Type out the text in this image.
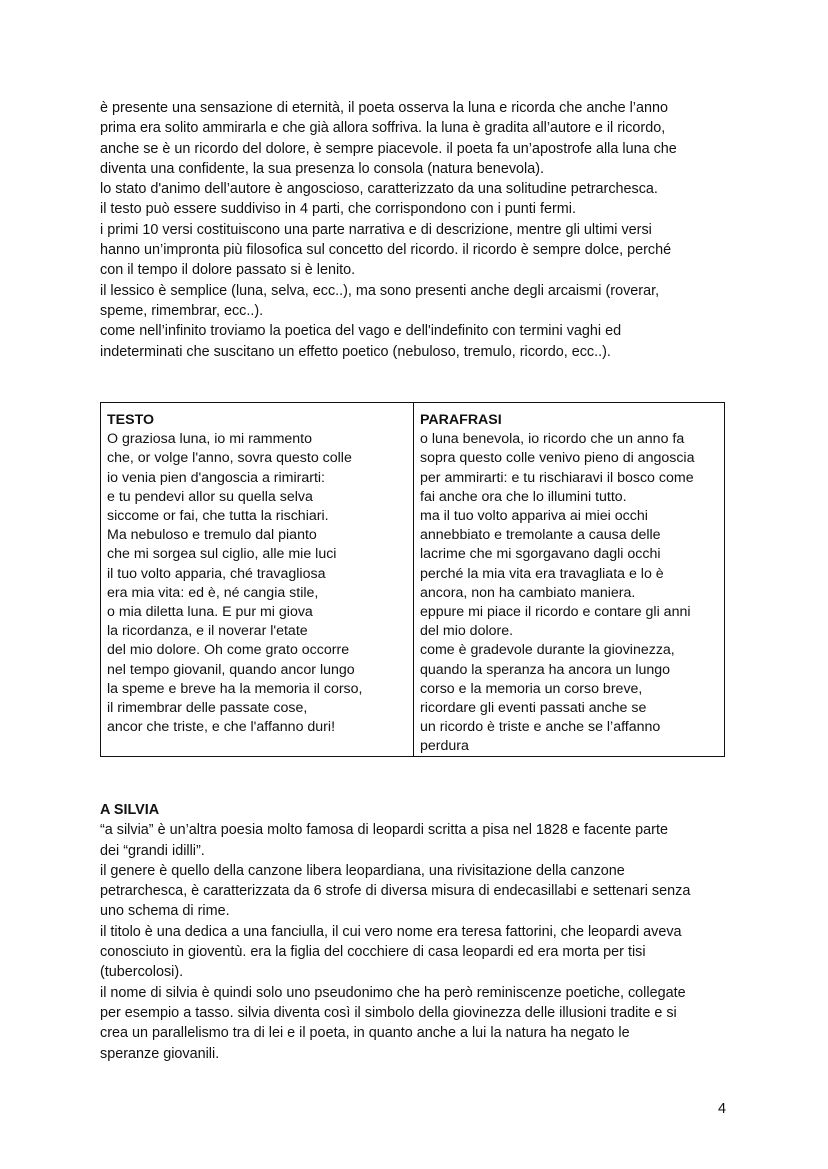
è presente una sensazione di eternità, il poeta osserva la luna e ricorda che anche l’anno

prima era solito ammirarla e che già allora soffriva. la luna è gradita all’autore e il ricordo,

anche se è un ricordo del dolore, è sempre piacevole. il poeta fa un’apostrofe alla luna che

diventa una confidente, la sua presenza lo consola (natura benevola).

lo stato d'animo dell’autore è angoscioso, caratterizzato da una solitudine petrarchesca.

il testo può essere suddiviso in 4 parti, che corrispondono con i punti fermi.

i primi 10 versi costituiscono una parte narrativa e di descrizione, mentre gli ultimi versi

hanno un’impronta più filosofica sul concetto del ricordo. il ricordo è sempre dolce, perché

con il tempo il dolore passato si è lenito.

il lessico è semplice (luna, selva, ecc..), ma sono presenti anche degli arcaismi (roverar,

speme, rimembrar, ecc..).

come nell’infinito troviamo la poetica del vago e dell'indefinito con termini vaghi ed

indeterminati che suscitano un effetto poetico (nebuloso, tremulo, ricordo, ecc..).

TESTO
O graziosa luna, io mi rammento
che, or volge l'anno, sovra questo colle
io venia pien d'angoscia a rimirarti:
e tu pendevi allor su quella selva
siccome or fai, che tutta la rischiari.
Ma nebuloso e tremulo dal pianto
che mi sorgea sul ciglio, alle mie luci
il tuo volto apparia, ché travagliosa
era mia vita: ed è, né cangia stile,
o mia diletta luna. E pur mi giova
la ricordanza, e il noverar l'etate
del mio dolore. Oh come grato occorre
nel tempo giovanil, quando ancor lungo
la speme e breve ha la memoria il corso,
il rimembrar delle passate cose,
ancor che triste, e che l'affanno duri!
PARAFRASI
o luna benevola, io ricordo che un anno fa
sopra questo colle venivo pieno di angoscia
per ammirarti: e tu rischiaravi il bosco come
fai anche ora che lo illumini tutto.
ma il tuo volto appariva ai miei occhi
annebbiato e tremolante a causa delle
lacrime che mi sgorgavano dagli occhi
perché la mia vita era travagliata e lo è
ancora, non ha cambiato maniera.
eppure mi piace il ricordo e contare gli anni
del mio dolore.
come è gradevole durante la giovinezza,
quando la speranza ha ancora un lungo
corso e la memoria un corso breve,
ricordare gli eventi passati anche se
un ricordo è triste e anche se l’affanno
perdura

A SILVIA

“a silvia” è un’altra poesia molto famosa di leopardi scritta a pisa nel 1828 e facente parte

dei “grandi idilli”.

il genere è quello della canzone libera leopardiana, una rivisitazione della canzone

petrarchesca, è caratterizzata da 6 strofe di diversa misura di endecasillabi e settenari senza

uno schema di rime.

il titolo è una dedica a una fanciulla, il cui vero nome era teresa fattorini, che leopardi aveva

conosciuto in gioventù. era la figlia del cocchiere di casa leopardi ed era morta per tisi

(tubercolosi).

il nome di silvia è quindi solo uno pseudonimo che ha però reminiscenze poetiche, collegate

per esempio a tasso. silvia diventa così il simbolo della giovinezza delle illusioni tradite e si

crea un parallelismo tra di lei e il poeta, in quanto anche a lui la natura ha negato le

speranze giovanili.

4
